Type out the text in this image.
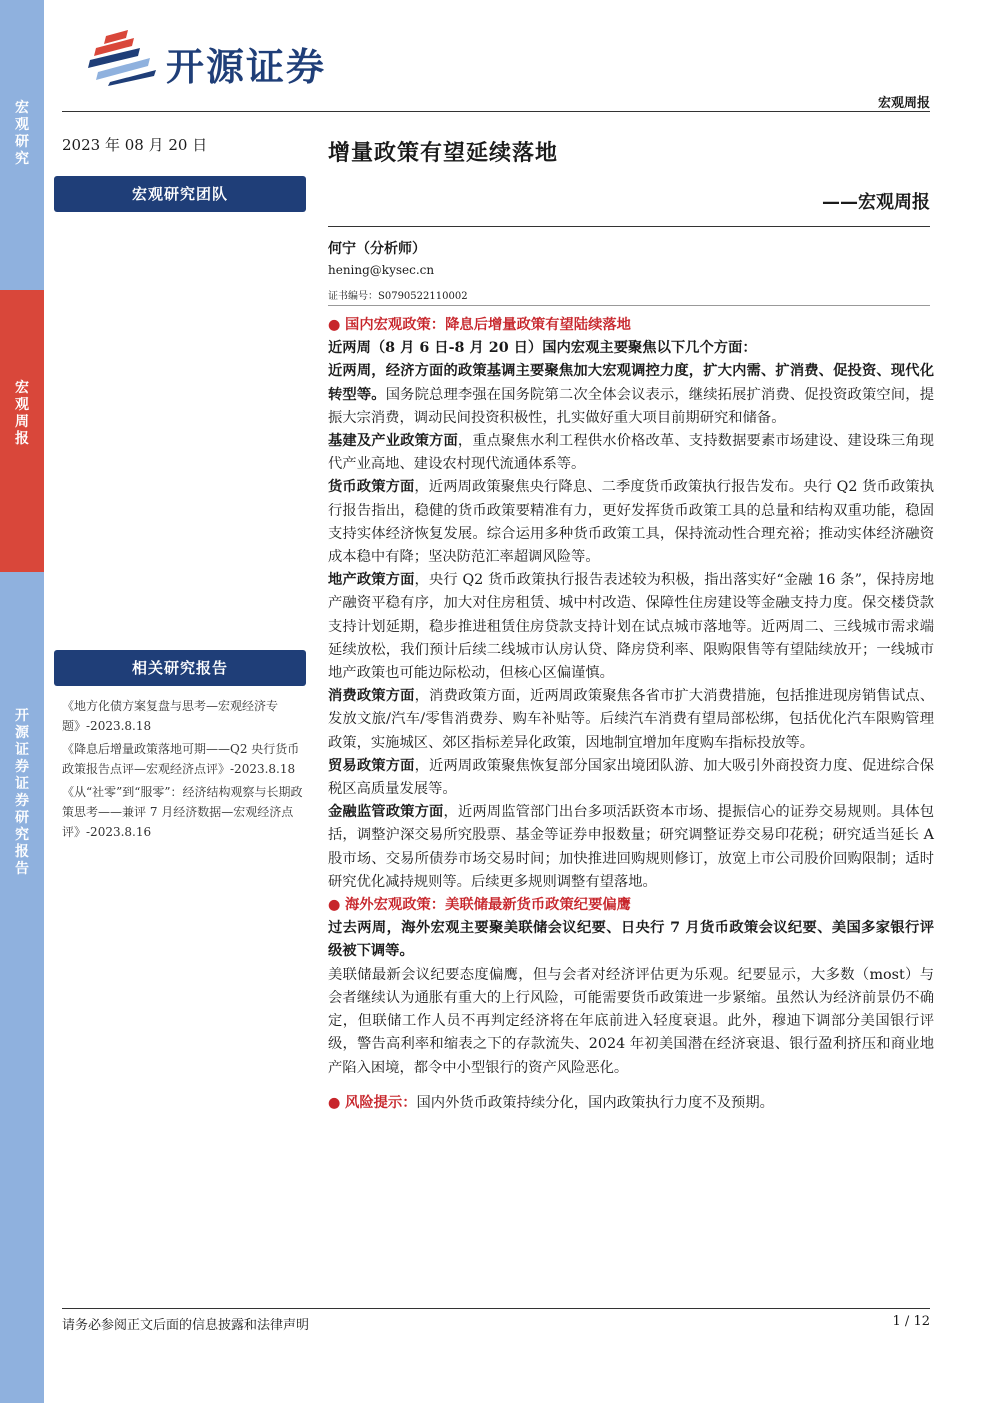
宏观研究
宏观周报
开源证券 证券研究报告
开源证券
宏观周报
2023 年 08 月 20 日
宏观研究团队
相关研究报告
《地方化债方案复盘与思考—宏观经济专题》-2023.8.18
《降息后增量政策落地可期——Q2 央行货币政策报告点评—宏观经济点评》-2023.8.18
《从“社零”到“服零”：经济结构观察与长期政策思考——兼评 7 月经济数据—宏观经济点评》-2023.8.16
增量政策有望延续落地
——宏观周报
何宁（分析师）
hening@kysec.cn
证书编号：S0790522110002

● 国内宏观政策：降息后增量政策有望陆续落地

近两周（8 月 6 日-8 月 20 日）国内宏观主要聚焦以下几个方面：

近两周，经济方面的政策基调主要聚焦加大宏观调控力度，扩大内需、扩消费、促投资、现代化转型等。国务院总理李强在国务院第二次全体会议表示，继续拓展扩消费、促投资政策空间，提振大宗消费，调动民间投资积极性，扎实做好重大项目前期研究和储备。

基建及产业政策方面，重点聚焦水利工程供水价格改革、支持数据要素市场建设、建设珠三角现代产业高地、建设农村现代流通体系等。

货币政策方面，近两周政策聚焦央行降息、二季度货币政策执行报告发布。央行 Q2 货币政策执行报告指出，稳健的货币政策要精准有力，更好发挥货币政策工具的总量和结构双重功能，稳固支持实体经济恢复发展。综合运用多种货币政策工具，保持流动性合理充裕；推动实体经济融资成本稳中有降；坚决防范汇率超调风险等。

地产政策方面，央行 Q2 货币政策执行报告表述较为积极，指出落实好“金融 16 条”，保持房地产融资平稳有序，加大对住房租赁、城中村改造、保障性住房建设等金融支持力度。保交楼贷款支持计划延期，稳步推进租赁住房贷款支持计划在试点城市落地等。近两周二、三线城市需求端延续放松，我们预计后续二线城市认房认贷、降房贷利率、限购限售等有望陆续放开；一线城市地产政策也可能边际松动，但核心区偏谨慎。

消费政策方面，消费政策方面，近两周政策聚焦各省市扩大消费措施，包括推进现房销售试点、发放文旅/汽车/零售消费券、购车补贴等。后续汽车消费有望局部松绑，包括优化汽车限购管理政策，实施城区、郊区指标差异化政策，因地制宜增加年度购车指标投放等。

贸易政策方面，近两周政策聚焦恢复部分国家出境团队游、加大吸引外商投资力度、促进综合保税区高质量发展等。

金融监管政策方面，近两周监管部门出台多项活跃资本市场、提振信心的证券交易规则。具体包括，调整沪深交易所究股票、基金等证券申报数量；研究调整证券交易印花税；研究适当延长 A 股市场、交易所债券市场交易时间；加快推进回购规则修订，放宽上市公司股价回购限制；适时研究优化减持规则等。后续更多规则调整有望落地。

● 海外宏观政策：美联储最新货币政策纪要偏鹰

过去两周，海外宏观主要聚美联储会议纪要、日央行 7 月货币政策会议纪要、美国多家银行评级被下调等。

美联储最新会议纪要态度偏鹰，但与会者对经济评估更为乐观。纪要显示，大多数（most）与会者继续认为通胀有重大的上行风险，可能需要货币政策进一步紧缩。虽然认为经济前景仍不确定，但联储工作人员不再判定经济将在年底前进入轻度衰退。此外，穆迪下调部分美国银行评级，警告高利率和缩表之下的存款流失、2024 年初美国潜在经济衰退、银行盈利挤压和商业地产陷入困境，都令中小型银行的资产风险恶化。

● 风险提示：国内外货币政策持续分化，国内政策执行力度不及预期。

请务必参阅正文后面的信息披露和法律声明	1 / 12
